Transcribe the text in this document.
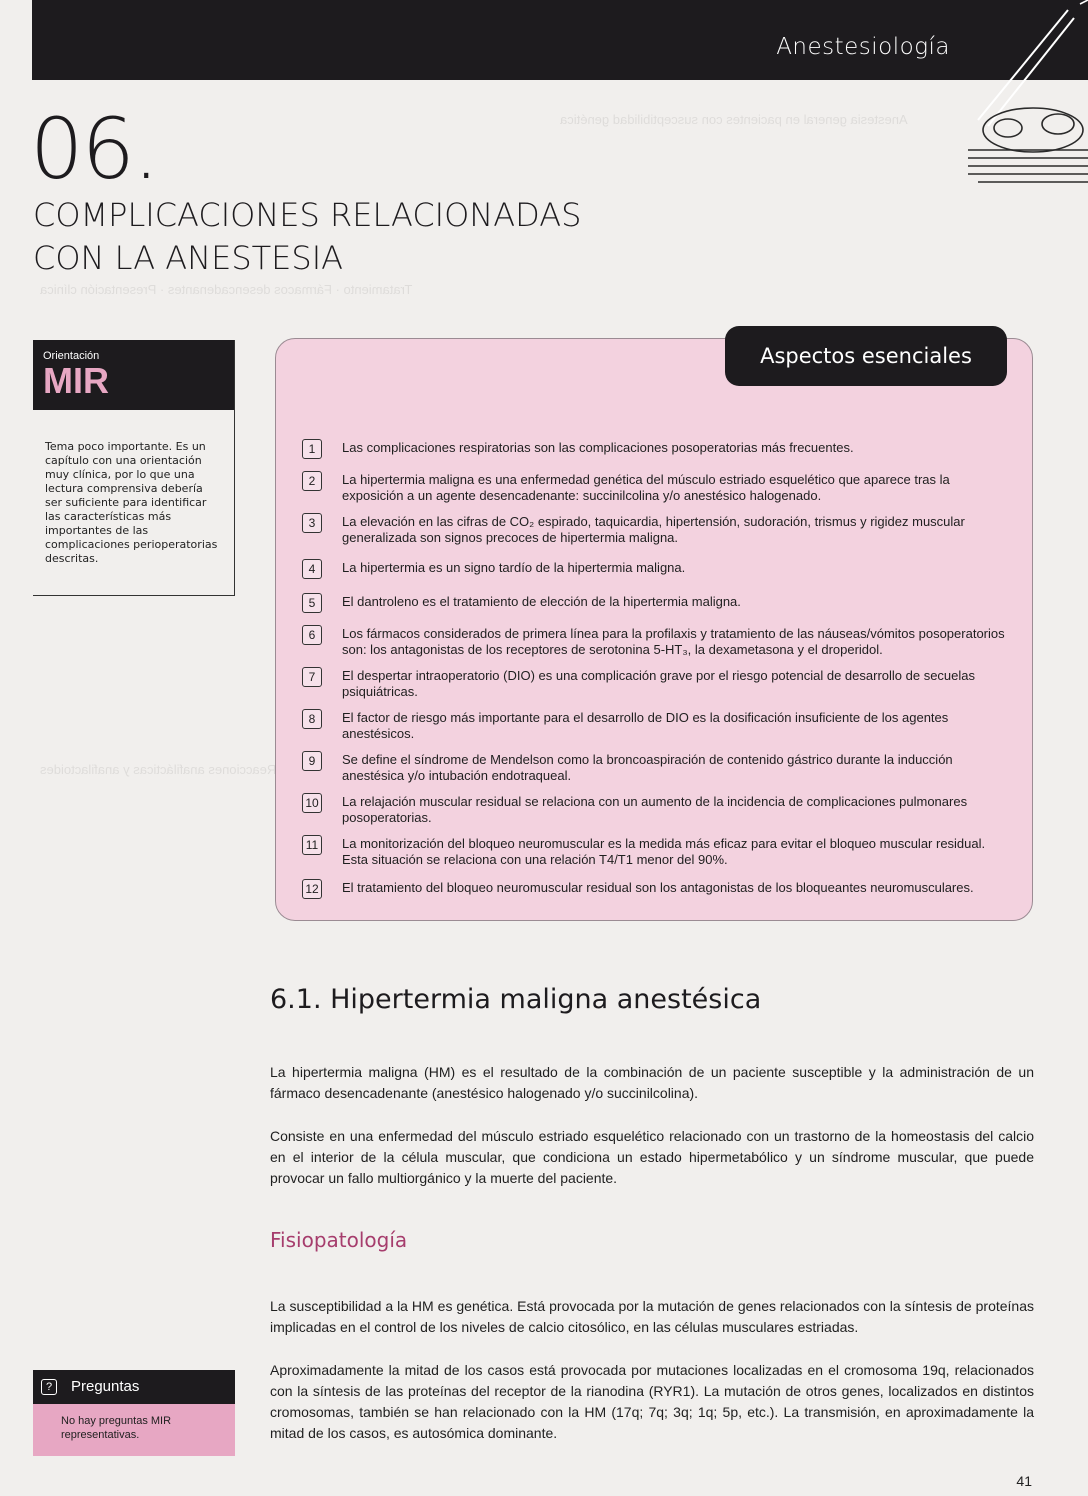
Anestesia general en pacientes con susceptibilidad genética
Tratamiento · Fármacos desencadenantes · Presentación clínica
6.2. Reacciones anafilácticas y anafilactoides
Anestesiología
06.
COMPLICACIONES RELACIONADAS CON LA ANESTESIA
Orientación
MIR
Tema poco importante. Es un capítulo con una orientación muy clínica, por lo que una lectura comprensiva debería ser suficiente para identificar las características más importantes de las complicaciones perioperatorias descritas.
Aspectos esenciales
1	Las complicaciones respiratorias son las complicaciones posoperatorias más frecuentes.
2	La hipertermia maligna es una enfermedad genética del músculo estriado esquelético que aparece tras la exposición a un agente desencadenante: succinilcolina y/o anestésico halogenado.
3	La elevación en las cifras de CO₂ espirado, taquicardia, hipertensión, sudoración, trismus y rigidez muscular generalizada son signos precoces de hipertermia maligna.
4	La hipertermia es un signo tardío de la hipertermia maligna.
5	El dantroleno es el tratamiento de elección de la hipertermia maligna.
6	Los fármacos considerados de primera línea para la profilaxis y tratamiento de las náuseas/vómitos posoperatorios son: los antagonistas de los receptores de serotonina 5-HT₃, la dexametasona y el droperidol.
7	El despertar intraoperatorio (DIO) es una complicación grave por el riesgo potencial de desarrollo de secuelas psiquiátricas.
8	El factor de riesgo más importante para el desarrollo de DIO es la dosificación insuficiente de los agentes anestésicos.
9	Se define el síndrome de Mendelson como la broncoaspiración de contenido gástrico durante la inducción anestésica y/o intubación endotraqueal.
10 La relajación muscular residual se relaciona con un aumento de la incidencia de complicaciones pulmonares posoperatorias.
11 La monitorización del bloqueo neuromuscular es la medida más eficaz para evitar el bloqueo muscular residual. Esta situación se relaciona con una relación T4/T1 menor del 90%.
12 El tratamiento del bloqueo neuromuscular residual son los antagonistas de los bloqueantes neuromusculares.
6.1. Hipertermia maligna anestésica

La hipertermia maligna (HM) es el resultado de la combinación de un paciente susceptible y la administración de un fármaco desencadenante (anestésico halogenado y/o succinilcolina).

Consiste en una enfermedad del músculo estriado esquelético relacionado con un trastorno de la homeostasis del calcio en el interior de la célula muscular, que condiciona un estado hipermetabólico y un síndrome muscular, que puede provocar un fallo multiorgánico y la muerte del paciente.

Fisiopatología

La susceptibilidad a la HM es genética. Está provocada por la mutación de genes relacionados con la síntesis de proteínas implicadas en el control de los niveles de calcio citosólico, en las células musculares estriadas.

Aproximadamente la mitad de los casos está provocada por mutaciones localizadas en el cromosoma 19q, relacionados con la síntesis de las proteínas del receptor de la rianodina (RYR1). La mutación de otros genes, localizados en distintos cromosomas, también se han relacionado con la HM (17q; 7q; 3q; 1q; 5p, etc.). La transmisión, en aproximadamente la mitad de los casos, es autosómica dominante.

?	Preguntas
No hay preguntas MIR representativas.
41
